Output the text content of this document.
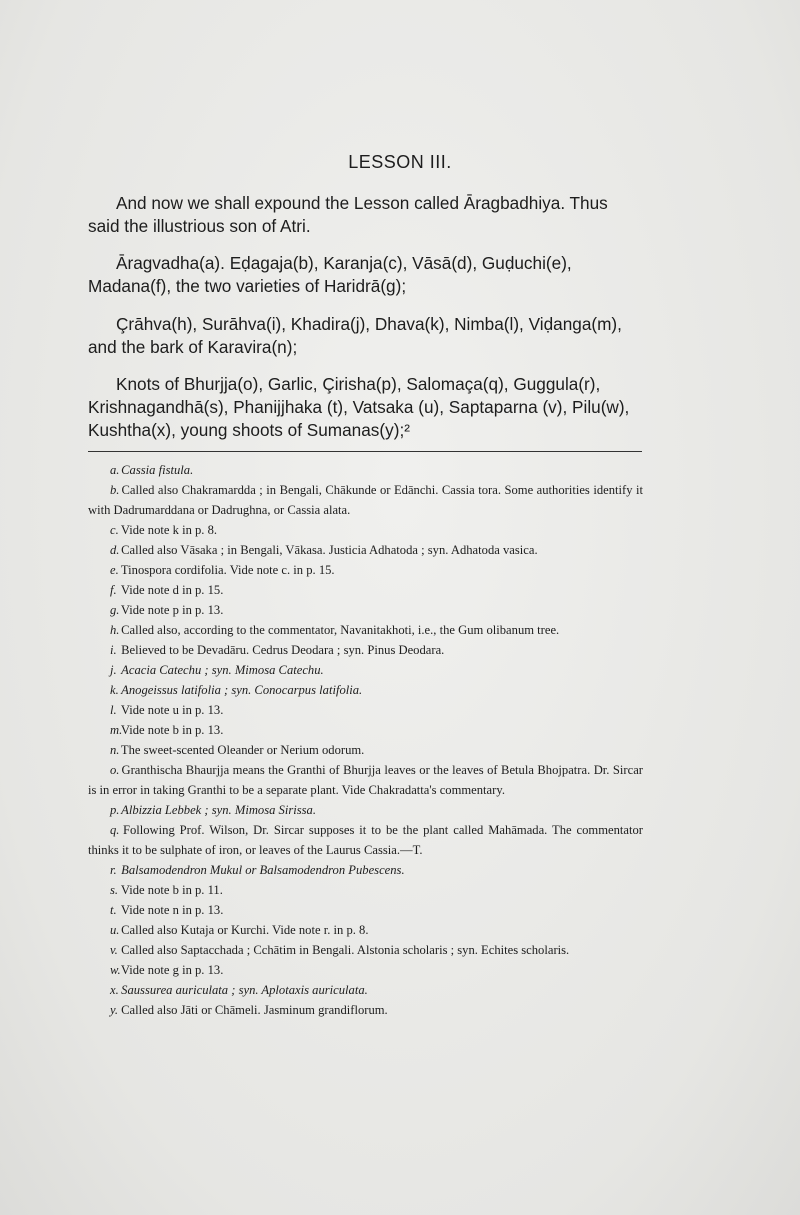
LESSON III.

And now we shall expound the Lesson called Āragbadhiya. Thus said the illustrious son of Atri.

Āragvadha(a). Eḍagaja(b), Karanja(c), Vāsā(d), Guḍuchi(e), Madana(f), the two varieties of Haridrā(g);

Çrāhva(h), Surāhva(i), Khadira(j), Dhava(k), Nimba(l), Viḍanga(m), and the bark of Karavira(n);

Knots of Bhurjja(o), Garlic, Çirisha(p), Salomaça(q), Guggula(r), Krishnagandhā(s), Phanijjhaka (t), Vatsaka (u), Saptaparna (v), Pilu(w), Kushtha(x), young shoots of Sumanas(y);²

a. Cassia fistula.

b. Called also Chakramardda ; in Bengali, Chākunde or Edānchi. Cassia tora. Some authorities identify it with Dadrumarddana or Dadrughna, or Cassia alata.

c. Vide note k in p. 8.

d. Called also Vāsaka ; in Bengali, Vākasa. Justicia Adhatoda ; syn. Adhatoda vasica.

e. Tinospora cordifolia. Vide note c. in p. 15.

f. Vide note d in p. 15.

g. Vide note p in p. 13.

h. Called also, according to the commentator, Navanitakhoti, i.e., the Gum olibanum tree.

i. Believed to be Devadāru. Cedrus Deodara ; syn. Pinus Deodara.

j. Acacia Catechu ; syn. Mimosa Catechu.

k. Anogeissus latifolia ; syn. Conocarpus latifolia.

l. Vide note u in p. 13.

m. Vide note b in p. 13.

n. The sweet-scented Oleander or Nerium odorum.

o. Granthischa Bhaurjja means the Granthi of Bhurjja leaves or the leaves of Betula Bhojpatra. Dr. Sircar is in error in taking Granthi to be a separate plant. Vide Chakradatta's commentary.

p. Albizzia Lebbek ; syn. Mimosa Sirissa.

q. Following Prof. Wilson, Dr. Sircar supposes it to be the plant called Mahāmada. The commentator thinks it to be sulphate of iron, or leaves of the Laurus Cassia.—T.

r. Balsamodendron Mukul or Balsamodendron Pubescens.

s. Vide note b in p. 11.

t. Vide note n in p. 13.

u. Called also Kutaja or Kurchi. Vide note r. in p. 8.

v. Called also Saptacchada ; Cchātim in Bengali. Alstonia scholaris ; syn. Echites scholaris.

w. Vide note g in p. 13.

x. Saussurea auriculata ; syn. Aplotaxis auriculata.

y. Called also Jāti or Chāmeli. Jasminum grandiflorum.
